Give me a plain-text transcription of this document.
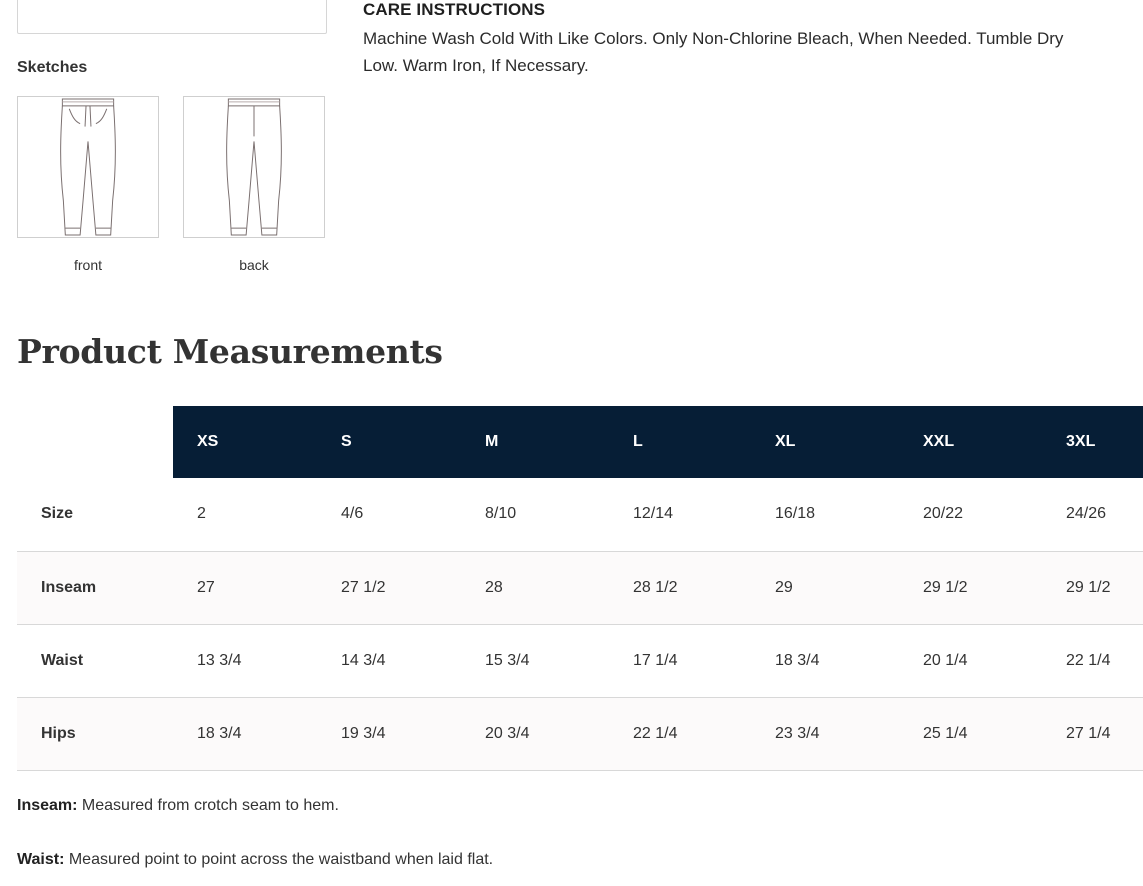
Sketches
front	back
CARE INSTRUCTIONS
Machine Wash Cold With Like Colors. Only Non-Chlorine Bleach, When Needed. Tumble Dry Low. Warm Iron, If Necessary.
Product Measurements
	XS	S	M	L	XL	XXL	3XL
Size	2	4/6	8/10	12/14	16/18	20/22	24/26
Inseam	27	27 1/2	28	28 1/2	29	29 1/2	29 1/2
Waist	13 3/4	14 3/4	15 3/4	17 1/4	18 3/4	20 1/4	22 1/4
Hips	18 3/4	19 3/4	20 3/4	22 1/4	23 3/4	25 1/4	27 1/4
Inseam: Measured from crotch seam to hem.
Waist: Measured point to point across the waistband when laid flat.
